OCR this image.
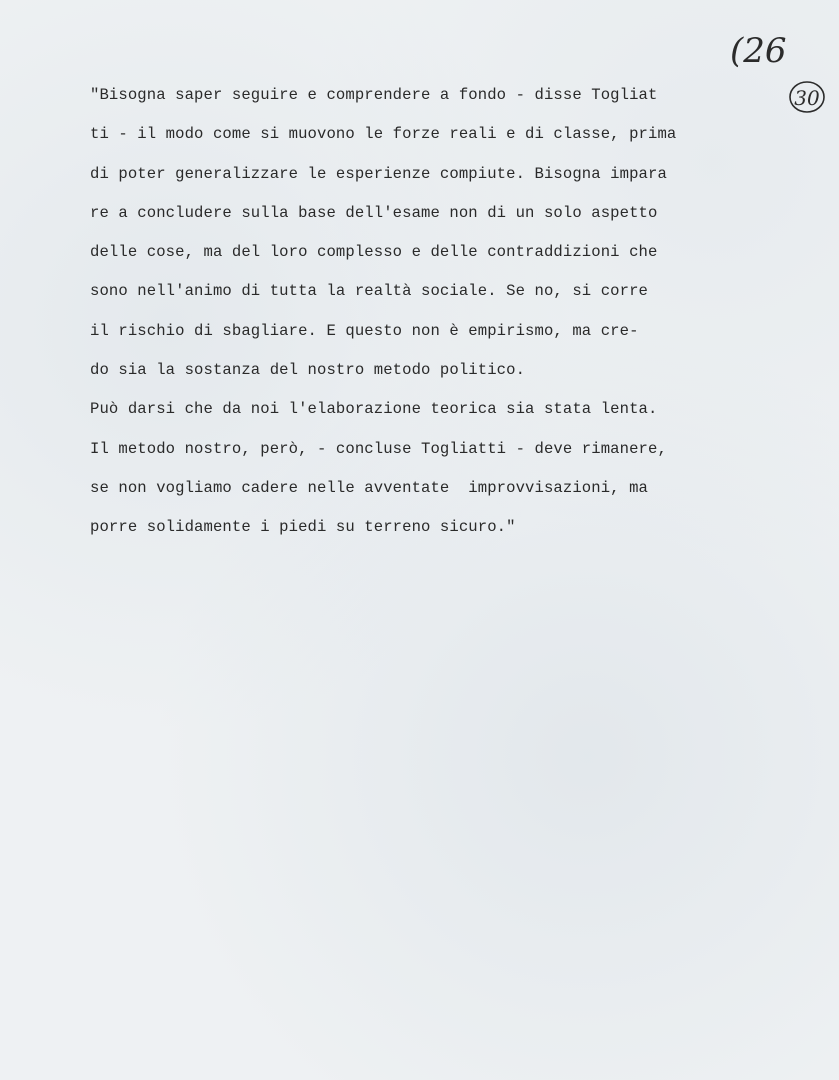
(26
30
"Bisogna saper seguire e comprendere a fondo - disse Togliat
ti - il modo come si muovono le forze reali e di classe, prima
di poter generalizzare le esperienze compiute. Bisogna impara
re a concludere sulla base dell'esame non di un solo aspetto
delle cose, ma del loro complesso e delle contraddizioni che
sono nell'animo di tutta la realtà sociale. Se no, si corre
il rischio di sbagliare. E questo non è empirismo, ma cre-
do sia la sostanza del nostro metodo politico.
Può darsi che da noi l'elaborazione teorica sia stata lenta.
Il metodo nostro, però, - concluse Togliatti - deve rimanere,
se non vogliamo cadere nelle avventate  improvvisazioni, ma
porre solidamente i piedi su terreno sicuro."
